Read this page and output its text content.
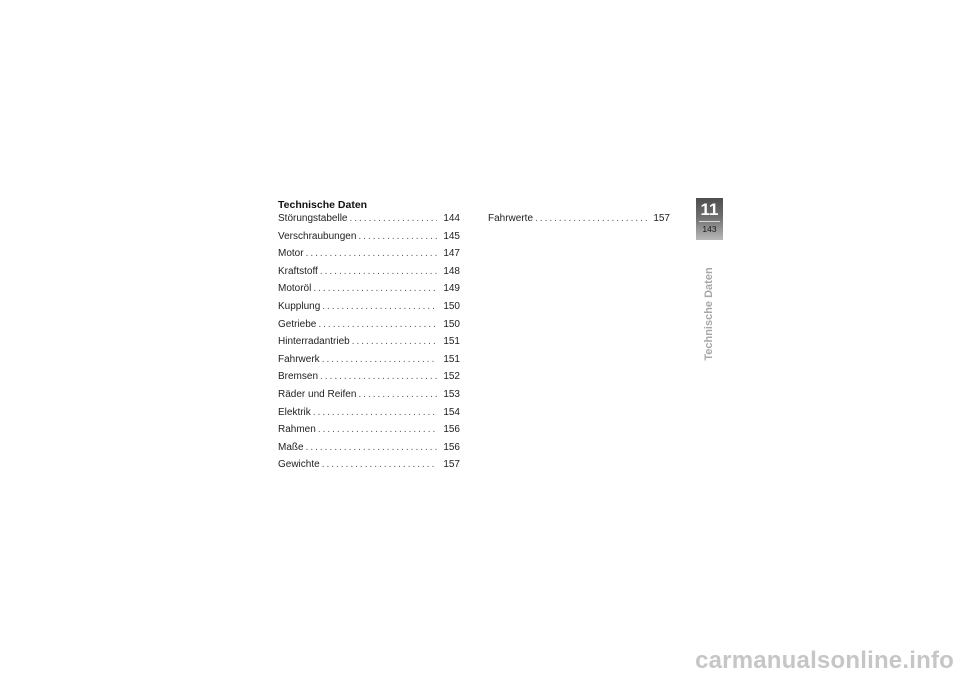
Technische Daten
Störungstabelle .....	144
Verschraubungen .....	145
Motor .....	147
Kraftstoff .....	148
Motoröl .....	149
Kupplung .....	150
Getriebe .....	150
Hinterradantrieb .....	151
Fahrwerk .....	151
Bremsen .....	152
Räder und Reifen .....	153
Elektrik .....	154
Rahmen .....	156
Maße .....	156
Gewichte .....	157
Fahrwerte .....	157 11
143
Technische Daten
carmanualsonline.info
